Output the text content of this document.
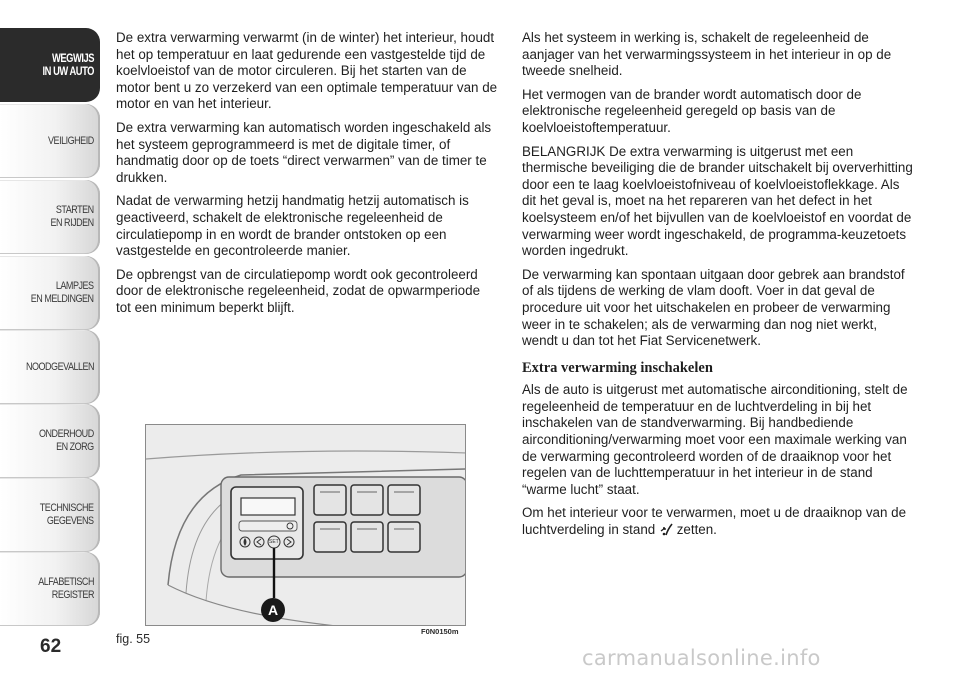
WEGWIJS
IN UW AUTO
VEILIGHEID
STARTEN
EN RIJDEN
LAMPJES
EN MELDINGEN
NOODGEVALLEN
ONDERHOUD
EN ZORG
TECHNISCHE
GEGEVENS
ALFABETISCH
REGISTER
62

De extra verwarming verwarmt (in de winter) het interieur, houdt het op temperatuur en laat gedurende een vastgestelde tijd de koelvloeistof van de motor circuleren. Bij het starten van de motor bent u zo verzekerd van een optimale temperatuur van de motor en van het interieur.

De extra verwarming kan automatisch worden ingeschakeld als het systeem geprogrammeerd is met de digitale timer, of handmatig door op de toets “direct verwarmen” van de timer te drukken.

Nadat de verwarming hetzij handmatig hetzij automatisch is geactiveerd, schakelt de elektronische regeleenheid de circulatiepomp in en wordt de brander ontstoken op een vastgestelde en gecontroleerde manier.

De opbrengst van de circulatiepomp wordt ook gecontroleerd door de elektronische regeleenheid, zodat de opwarmperiode tot een minimum beperkt blijft.

SET
A
fig. 55
F0N0150m

Als het systeem in werking is, schakelt de regeleenheid de aanjager van het verwarmingssysteem in het interieur in op de tweede snelheid.

Het vermogen van de brander wordt automatisch door de elektronische regeleenheid geregeld op basis van de koelvloeistoftemperatuur.

BELANGRIJK De extra verwarming is uitgerust met een thermische beveiliging die de brander uitschakelt bij oververhitting door een te laag koelvloeistofniveau of koelvloeistoflekkage. Als dit het geval is, moet na het repareren van het defect in het koelsysteem en/of het bijvullen van de koelvloeistof en voordat de verwarming weer wordt ingeschakeld, de programma-keuzetoets worden ingedrukt.

De verwarming kan spontaan uitgaan door gebrek aan brandstof of als tijdens de werking de vlam dooft. Voer in dat geval de procedure uit voor het uitschakelen en probeer de verwarming weer in te schakelen; als de verwarming dan nog niet werkt, wendt u dan tot het Fiat Servicenetwerk.

Extra verwarming inschakelen

Als de auto is uitgerust met automatische airconditioning, stelt de regeleenheid de temperatuur en de luchtverdeling in bij het inschakelen van de standverwarming. Bij handbediende airconditioning/verwarming moet voor een maximale werking van de verwarming gecontroleerd worden of de draaiknop voor het regelen van de luchttemperatuur in het interieur in de stand “warme lucht” staat.

Om het interieur voor te verwarmen, moet u de draaiknop van de luchtverdeling in stand  zetten.

carmanualsonline.info
